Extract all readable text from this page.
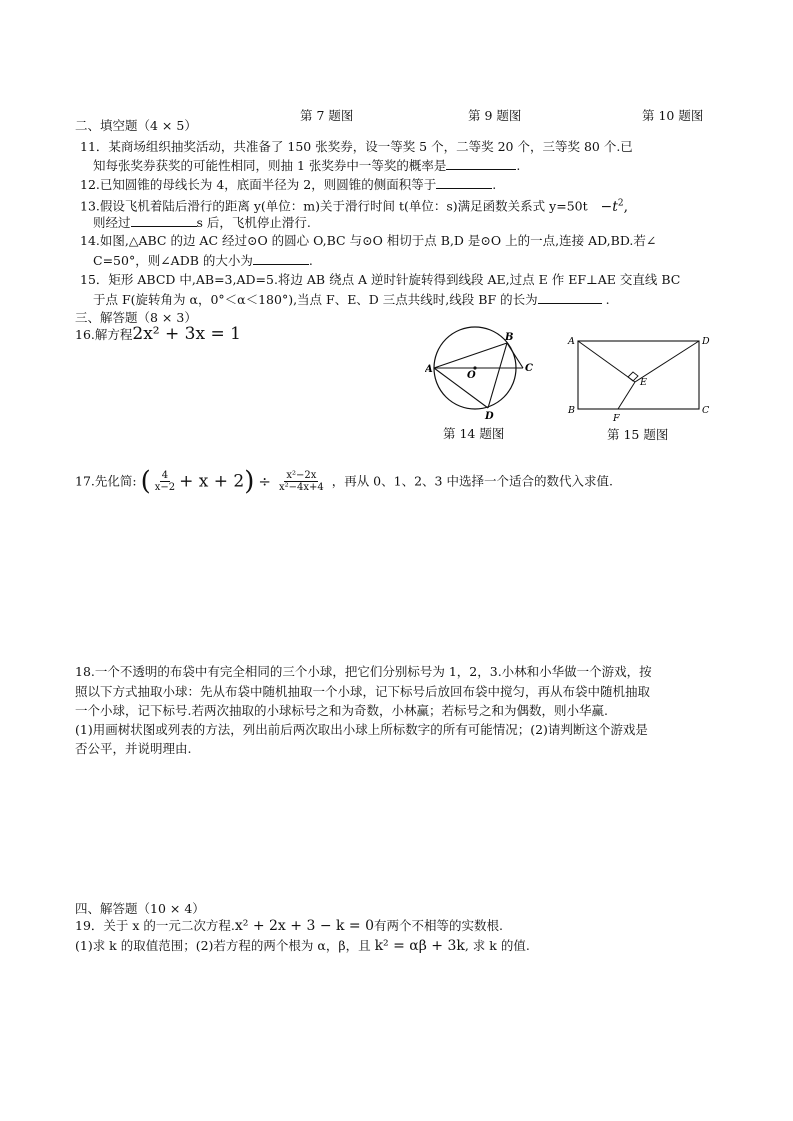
第 7 题图	第 9 题图	第 10 题图
二、填空题（4 × 5）
11．某商场组织抽奖活动，共准备了 150 张奖券，设一等奖 5 个，二等奖 20 个，三等奖 80 个.已
知每张奖券获奖的可能性相同，则抽 1 张奖券中一等奖的概率是	.
12.已知圆锥的母线长为 4，底面半径为 2，则圆锥的侧面积等于	.
13.假设飞机着陆后滑行的距离 y(单位：m)关于滑行时间 t(单位：s)满足函数关系式 $y=50t -t^2$,
则经过	s 后，飞机停止滑行.
14.如图,△ABC 的边 AC 经过⊙O 的圆心 O,BC 与⊙O 相切于点 B,D 是⊙O 上的一点,连接 AD,BD.若∠
C=50°，则∠ADB 的大小为	.
15．矩形 ABCD 中,AB=3,AD=5.将边 AB 绕点 A 逆时针旋转得到线段 AE,过点 E 作 EF⊥AE 交直线 BC
于点 F(旋转角为 α，0°＜α＜180°),当点 F、E、D 三点共线时,线段 BF 的长为	.
三、解答题（8 × 3）
16.解方程2x² + 3x = 1
A
B
C
D
O
第 14 题图
A	D
B	C
E
F
第 15 题图
17.先化简: ( $\frac{4}{x-2} + x + 2) \div \frac{\text{x²−2x}}{\text{x²−4x+4}}$ ，再从 0、1、2、3 中选择一个适合的数代入求值.
18.一个不透明的布袋中有完全相同的三个小球，把它们分别标号为 1，2，3.小林和小华做一个游戏，按
照以下方式抽取小球：先从布袋中随机抽取一个小球，记下标号后放回布袋中搅匀，再从布袋中随机抽取
一个小球，记下标号.若两次抽取的小球标号之和为奇数，小林赢；若标号之和为偶数，则小华赢.
(1)用画树状图或列表的方法，列出前后两次取出小球上所标数字的所有可能情况；(2)请判断这个游戏是
否公平，并说明理由.
四、解答题（10 × 4）
19．关于 x 的一元二次方程.x² + 2x + 3 − k = 0有两个不相等的实数根.
(1)求 k 的取值范围；(2)若方程的两个根为 α，β，且 k² = αβ + 3k, 求 k 的值.
